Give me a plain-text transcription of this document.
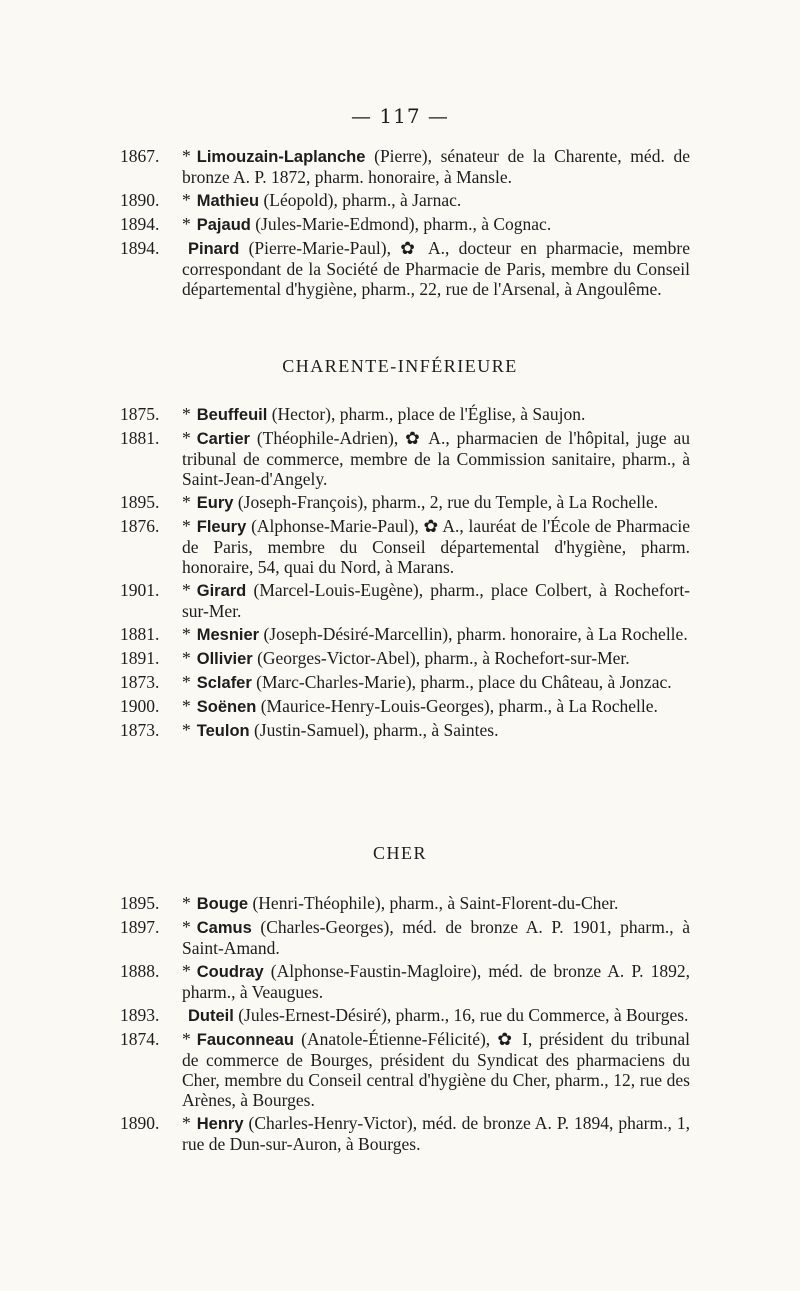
— 117 —
1867. * Limouzain-Laplanche (Pierre), sénateur de la Charente, méd. de bronze A. P. 1872, pharm. honoraire, à Mansle.
1890. * Mathieu (Léopold), pharm., à Jarnac.
1894. * Pajaud (Jules-Marie-Edmond), pharm., à Cognac.
1894. Pinard (Pierre-Marie-Paul), ✿ A., docteur en pharmacie, membre correspondant de la Société de Pharmacie de Paris, membre du Conseil départemental d'hygiène, pharm., 22, rue de l'Arsenal, à Angoulême.
CHARENTE-INFÉRIEURE
1875. * Beuffeuil (Hector), pharm., place de l'Église, à Saujon.
1881. * Cartier (Théophile-Adrien), ✿ A., pharmacien de l'hôpital, juge au tribunal de commerce, membre de la Commission sanitaire, pharm., à Saint-Jean-d'Angely.
1895. * Eury (Joseph-François), pharm., 2, rue du Temple, à La Rochelle.
1876. * Fleury (Alphonse-Marie-Paul), ✿ A., lauréat de l'École de Pharmacie de Paris, membre du Conseil départemental d'hygiène, pharm. honoraire, 54, quai du Nord, à Marans.
1901. * Girard (Marcel-Louis-Eugène), pharm., place Colbert, à Rochefort-sur-Mer.
1881. * Mesnier (Joseph-Désiré-Marcellin), pharm. honoraire, à La Rochelle.
1891. * Ollivier (Georges-Victor-Abel), pharm., à Rochefort-sur-Mer.
1873. * Sclafer (Marc-Charles-Marie), pharm., place du Château, à Jonzac.
1900. * Soënen (Maurice-Henry-Louis-Georges), pharm., à La Rochelle.
1873. * Teulon (Justin-Samuel), pharm., à Saintes.
CHER
1895. * Bouge (Henri-Théophile), pharm., à Saint-Florent-du-Cher.
1897. * Camus (Charles-Georges), méd. de bronze A. P. 1901, pharm., à Saint-Amand.
1888. * Coudray (Alphonse-Faustin-Magloire), méd. de bronze A. P. 1892, pharm., à Veaugues.
1893. Duteil (Jules-Ernest-Désiré), pharm., 16, rue du Commerce, à Bourges.
1874. * Fauconneau (Anatole-Étienne-Félicité), ✿ I, président du tribunal de commerce de Bourges, président du Syndicat des pharmaciens du Cher, membre du Conseil central d'hygiène du Cher, pharm., 12, rue des Arènes, à Bourges.
1890. * Henry (Charles-Henry-Victor), méd. de bronze A. P. 1894, pharm., 1, rue de Dun-sur-Auron, à Bourges.
